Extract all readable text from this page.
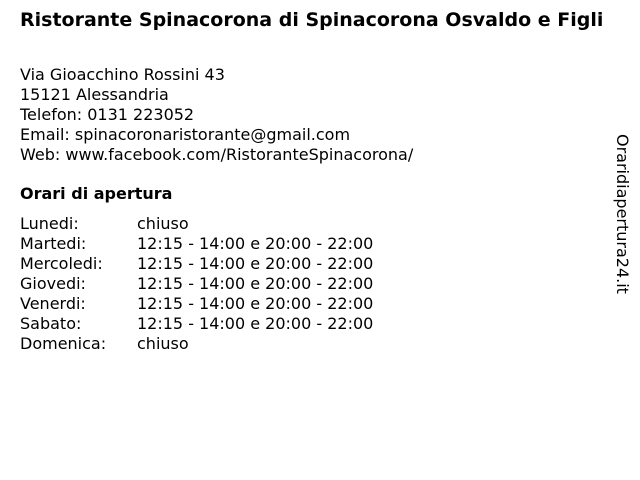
Ristorante Spinacorona di Spinacorona Osvaldo e Figli
Via Gioacchino Rossini 43
15121 Alessandria
Telefon: 0131 223052
Email: spinacoronaristorante@gmail.com
Web: www.facebook.com/RistoranteSpinacorona/
Orari di apertura
Lunedi:	chiuso
Martedi:	12:15 - 14:00 e 20:00 - 22:00
Mercoledi: 12:15 - 14:00 e 20:00 - 22:00
Giovedi:	12:15 - 14:00 e 20:00 - 22:00
Venerdi:	12:15 - 14:00 e 20:00 - 22:00
Sabato:	12:15 - 14:00 e 20:00 - 22:00
Domenica: chiuso
Oraridiapertura24.it
